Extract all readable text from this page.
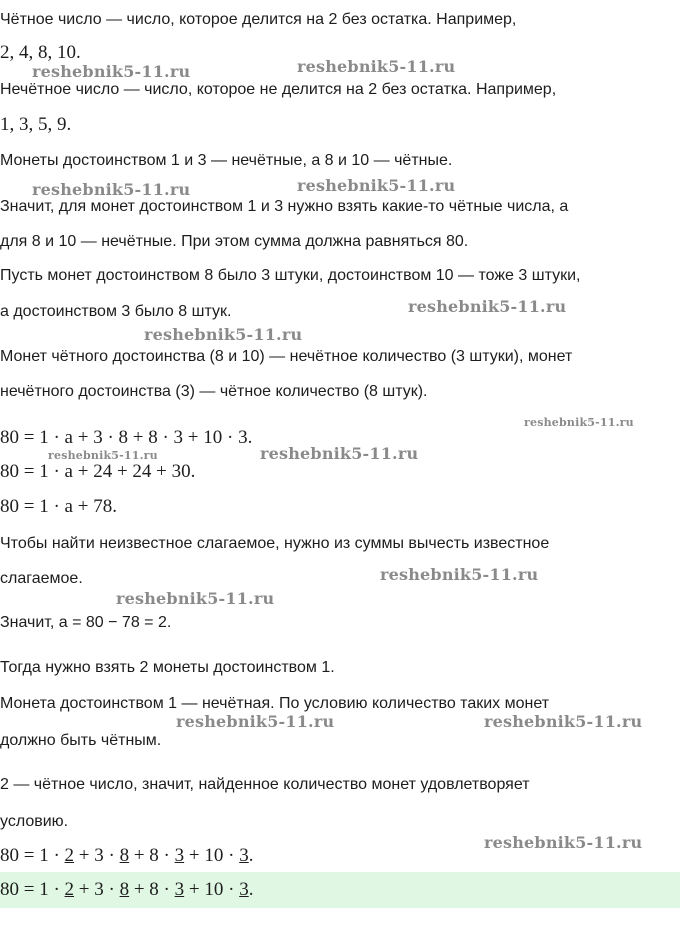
Чётное число — число, которое делится на 2 без остатка. Например,
2, 4, 8, 10.
Нечётное число — число, которое не делится на 2 без остатка. Например,
1, 3, 5, 9.
Монеты достоинством 1 и 3 — нечётные, а 8 и 10 — чётные.
Значит, для монет достоинством 1 и 3 нужно взять какие-то чётные числа, а
для 8 и 10 — нечётные. При этом сумма должна равняться 80.
Пусть монет достоинством 8 было 3 штуки, достоинством 10 — тоже 3 штуки,
а достоинством 3 было 8 штук.
Монет чётного достоинства (8 и 10) — нечётное количество (3 штуки), монет
нечётного достоинства (3) — чётное количество (8 штук).
80 = 1 · a + 3 · 8 + 8 · 3 + 10 · 3.
80 = 1 · a + 24 + 24 + 30.
80 = 1 · a + 78.
Чтобы найти неизвестное слагаемое, нужно из суммы вычесть известное
слагаемое.
Значит, a = 80 − 78 = 2.
Тогда нужно взять 2 монеты достоинством 1.
Монета достоинством 1 — нечётная. По условию количество таких монет
должно быть чётным.
2 — чётное число, значит, найденное количество монет удовлетворяет
условию.
80 = 1 · 2 + 3 · 8 + 8 · 3 + 10 · 3.
80 = 1 · 2 + 3 · 8 + 8 · 3 + 10 · 3.
reshebnik5-11.ru	reshebnik5-11.ru
reshebnik5-11.ru	reshebnik5-11.ru
reshebnik5-11.ru
reshebnik5-11.ru
reshebnik5-11.ru
reshebnik5-11.ru	reshebnik5-11.ru
reshebnik5-11.ru
reshebnik5-11.ru
reshebnik5-11.ru	reshebnik5-11.ru
reshebnik5-11.ru
